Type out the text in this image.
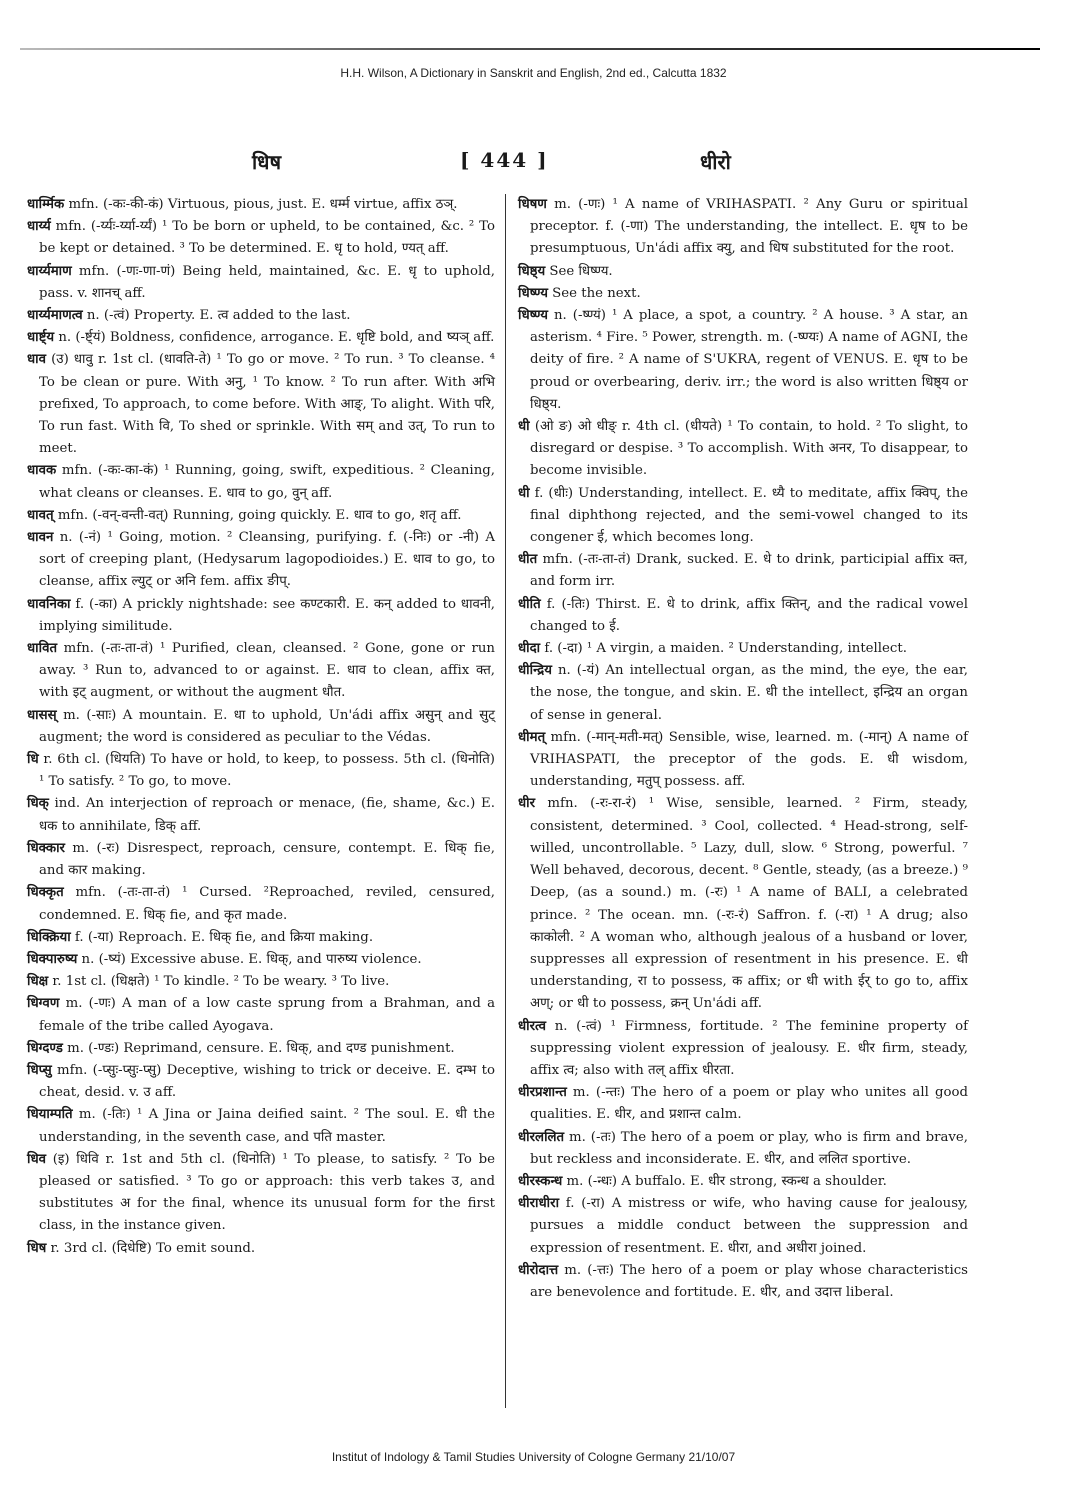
H.H. Wilson, A Dictionary in Sanskrit and English, 2nd ed., Calcutta 1832
धिष	[ 444 ]	धीरो
धार्म्मिक mfn. (-कः-की-कं) Virtuous, pious, just. E. धर्म्म virtue, affix ठञ्.
धार्य्य mfn. (-र्य्यः-र्य्या-र्य्यं) ¹ To be born or upheld, to be contained, &c. ² To be kept or detained. ³ To be determined. E. धृ to hold, ण्यत् aff.
धार्य्यमाण mfn. (-णः-णा-णं) Being held, maintained, &c. E. धृ to uphold, pass. v. शानच् aff.
धार्य्यमाणत्व n. (-त्वं) Property. E. त्व added to the last.
धार्ष्ट्य n. (-र्ष्ट्यं) Boldness, confidence, arrogance. E. धृष्टि bold, and ष्यञ् aff.
धाव (उ) धावु r. 1st cl. (धावति-ते) ¹ To go or move. ² To run. ³ To cleanse. ⁴ To be clean or pure. With अनु, ¹ To know. ² To run after. With अभि prefixed, To approach, to come before. With आङ्, To alight. With परि, To run fast. With वि, To shed or sprinkle. With सम् and उत्, To run to meet.
धावक mfn. (-कः-का-कं) ¹ Running, going, swift, expeditious. ² Cleaning, what cleans or cleanses. E. धाव to go, वुन् aff.
धावत् mfn. (-वन्-वन्ती-वत्) Running, going quickly. E. धाव to go, शतृ aff.
धावन n. (-नं) ¹ Going, motion. ² Cleansing, purifying. f. (-निः) or -नी) A sort of creeping plant, (Hedysarum lagopodioides.) E. धाव to go, to cleanse, affix ल्युट् or अनि fem. affix ङीप्.
धावनिका f. (-का) A prickly nightshade: see कण्टकारी. E. कन् added to धावनी, implying similitude.
धावित mfn. (-तः-ता-तं) ¹ Purified, clean, cleansed. ² Gone, gone or run away. ³ Run to, advanced to or against. E. धाव to clean, affix क्त, with इट् augment, or without the augment धौत.
धासस् m. (-साः) A mountain. E. धा to uphold, Un'ádi affix असुन् and सुट् augment; the word is considered as peculiar to the Védas.
धि r. 6th cl. (धियति) To have or hold, to keep, to possess. 5th cl. (धिनोति) ¹ To satisfy. ² To go, to move.
धिक् ind. An interjection of reproach or menace, (fie, shame, &c.) E. धक to annihilate, डिक् aff.
धिक्कार m. (-रः) Disrespect, reproach, censure, contempt. E. धिक् fie, and कार making.
धिक्कृत mfn. (-तः-ता-तं) ¹ Cursed. ²Reproached, reviled, censured, condemned. E. धिक् fie, and कृत made.
धिक्क्रिया f. (-या) Reproach. E. धिक् fie, and क्रिया making.
धिक्पारुष्य n. (-ष्यं) Excessive abuse. E. धिक्, and पारुष्य violence.
धिक्ष r. 1st cl. (धिक्षते) ¹ To kindle. ² To be weary. ³ To live.
धिग्वण m. (-णः) A man of a low caste sprung from a Brahman, and a female of the tribe called Ayogava.
धिग्दण्ड m. (-ण्डः) Reprimand, censure. E. धिक्, and दण्ड punishment.
धिप्सु mfn. (-प्सुः-प्सुः-प्सु) Deceptive, wishing to trick or deceive. E. दम्भ to cheat, desid. v. उ aff.
धियाम्पति m. (-तिः) ¹ A Jina or Jaina deified saint. ² The soul. E. धी the understanding, in the seventh case, and पति master.
धिव (इ) धिवि r. 1st and 5th cl. (धिनोति) ¹ To please, to satisfy. ² To be pleased or satisfied. ³ To go or approach: this verb takes उ, and substitutes अ for the final, whence its unusual form for the first class, in the instance given.
धिष r. 3rd cl. (दिधेष्टि) To emit sound.
धिषण m. (-णः) ¹ A name of VRIHASPATI. ² Any Guru or spiritual preceptor. f. (-णा) The understanding, the intellect. E. धृष to be presumptuous, Un'ádi affix क्यु, and धिष substituted for the root.
धिष्ठ्य See धिष्ण्य.
धिष्ण्य See the next.
धिष्ण्य n. (-ष्ण्यं) ¹ A place, a spot, a country. ² A house. ³ A star, an asterism. ⁴ Fire. ⁵ Power, strength. m. (-ष्ण्यः) A name of AGNI, the deity of fire. ² A name of S'UKRA, regent of VENUS. E. धृष to be proud or overbearing, deriv. irr.; the word is also written धिष्ठ्य or धिष्ठ्य.
धी (ओ ङ) ओ धीङ् r. 4th cl. (धीयते) ¹ To contain, to hold. ² To slight, to disregard or despise. ³ To accomplish. With अनर, To disappear, to become invisible.
धी f. (धीः) Understanding, intellect. E. ध्यै to meditate, affix क्विप्, the final diphthong rejected, and the semi-vowel changed to its congener ई, which becomes long.
धीत mfn. (-तः-ता-तं) Drank, sucked. E. धे to drink, participial affix क्त, and form irr.
धीति f. (-तिः) Thirst. E. धे to drink, affix क्तिन्, and the radical vowel changed to ई.
धीदा f. (-दा) ¹ A virgin, a maiden. ² Understanding, intellect.
धीन्द्रिय n. (-यं) An intellectual organ, as the mind, the eye, the ear, the nose, the tongue, and skin. E. धी the intellect, इन्द्रिय an organ of sense in general.
धीमत् mfn. (-मान्-मती-मत्) Sensible, wise, learned. m. (-मान्) A name of VRIHASPATI, the preceptor of the gods. E. धी wisdom, understanding, मतुप् possess. aff.
धीर mfn. (-रः-रा-रं) ¹ Wise, sensible, learned. ² Firm, steady, consistent, determined. ³ Cool, collected. ⁴ Head-strong, self-willed, uncontrollable. ⁵ Lazy, dull, slow. ⁶ Strong, powerful. ⁷ Well behaved, decorous, decent. ⁸ Gentle, steady, (as a breeze.) ⁹ Deep, (as a sound.) m. (-रः) ¹ A name of BALI, a celebrated prince. ² The ocean. mn. (-रः-रं) Saffron. f. (-रा) ¹ A drug; also काकोली. ² A woman who, although jealous of a husband or lover, suppresses all expression of resentment in his presence. E. धी understanding, रा to possess, क affix; or धी with ईर् to go to, affix अण्; or धी to possess, क्रन् Un'ádi aff.
धीरत्व n. (-त्वं) ¹ Firmness, fortitude. ² The feminine property of suppressing violent expression of jealousy. E. धीर firm, steady, affix त्व; also with तल् affix धीरता.
धीरप्रशान्त m. (-न्तः) The hero of a poem or play who unites all good qualities. E. धीर, and प्रशान्त calm.
धीरललित m. (-तः) The hero of a poem or play, who is firm and brave, but reckless and inconsiderate. E. धीर, and ललित sportive.
धीरस्कन्ध m. (-न्धः) A buffalo. E. धीर strong, स्कन्ध a shoulder.
धीराधीरा f. (-रा) A mistress or wife, who having cause for jealousy, pursues a middle conduct between the suppression and expression of resentment. E. धीरा, and अधीरा joined.
धीरोदात्त m. (-त्तः) The hero of a poem or play whose characteristics are benevolence and fortitude. E. धीर, and उदात्त liberal.
Institut of Indology & Tamil Studies University of Cologne Germany 21/10/07
